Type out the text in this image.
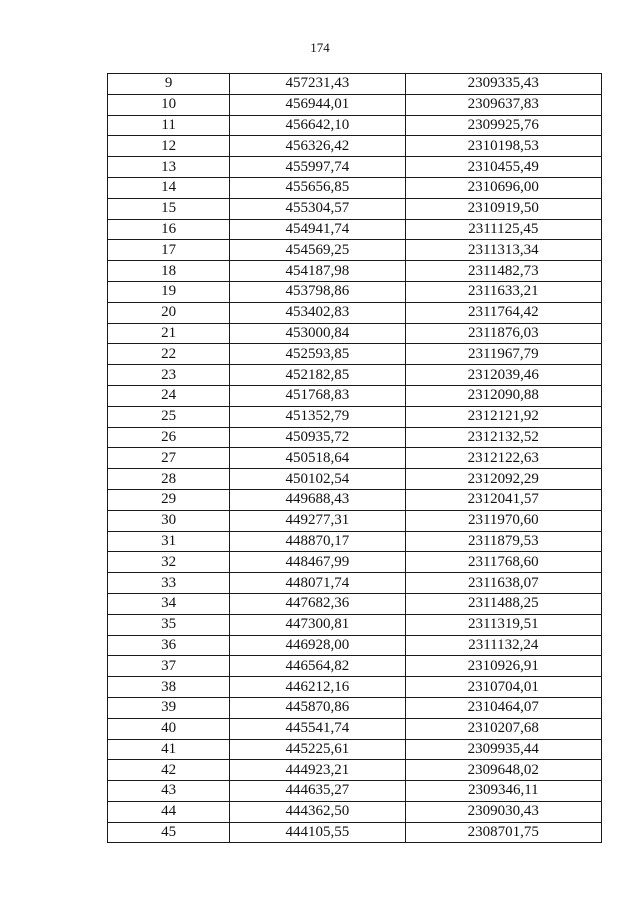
174
9	457231,43	2309335,43
10	456944,01	2309637,83
11	456642,10	2309925,76
12	456326,42	2310198,53
13	455997,74	2310455,49
14	455656,85	2310696,00
15	455304,57	2310919,50
16	454941,74	2311125,45
17	454569,25	2311313,34
18	454187,98	2311482,73
19	453798,86	2311633,21
20	453402,83	2311764,42
21	453000,84	2311876,03
22	452593,85	2311967,79
23	452182,85	2312039,46
24	451768,83	2312090,88
25	451352,79	2312121,92
26	450935,72	2312132,52
27	450518,64	2312122,63
28	450102,54	2312092,29
29	449688,43	2312041,57
30	449277,31	2311970,60
31	448870,17	2311879,53
32	448467,99	2311768,60
33	448071,74	2311638,07
34	447682,36	2311488,25
35	447300,81	2311319,51
36	446928,00	2311132,24
37	446564,82	2310926,91
38	446212,16	2310704,01
39	445870,86	2310464,07
40	445541,74	2310207,68
41	445225,61	2309935,44
42	444923,21	2309648,02
43	444635,27	2309346,11
44	444362,50	2309030,43
45	444105,55	2308701,75
